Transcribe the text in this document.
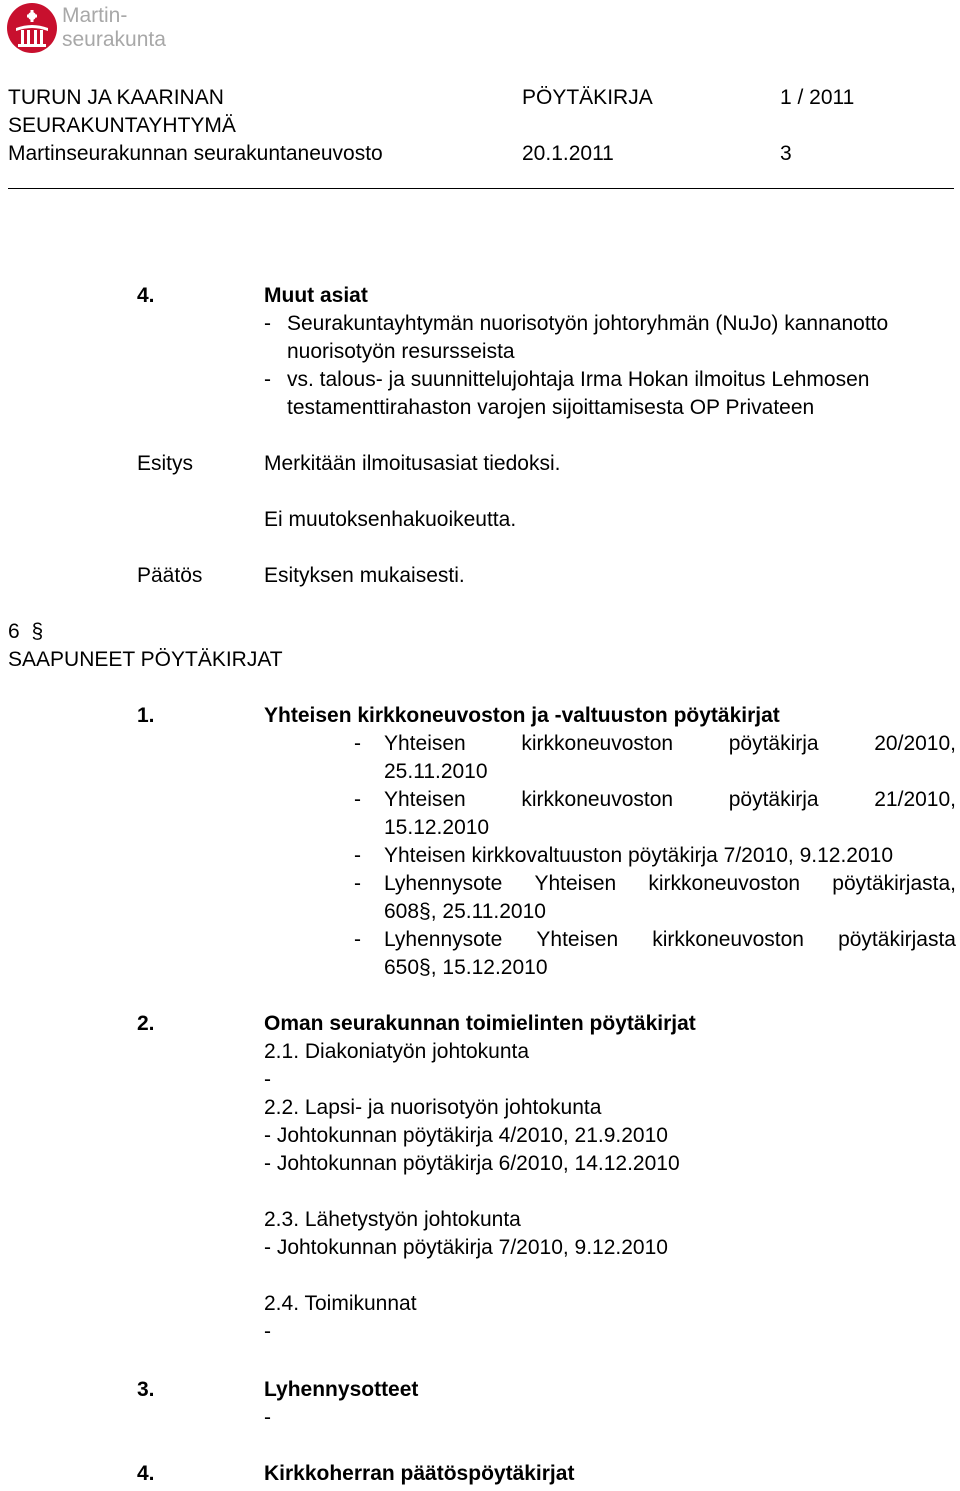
Martin-
seurakunta
TURUN JA KAARINAN	PÖYTÄKIRJA	1 / 2011
SEURAKUNTAYHTYMÄ
Martinseurakunnan seurakuntaneuvosto	20.1.2011	3
4.	Muut asiat
- Seurakuntayhtymän nuorisotyön johtoryhmän (NuJo) kannanotto
nuorisotyön resursseista
- vs. talous- ja suunnittelujohtaja Irma Hokan ilmoitus Lehmosen
testamenttirahaston varojen sijoittamisesta OP Privateen
Esitys	Merkitään ilmoitusasiat tiedoksi.
Ei muutoksenhakuoikeutta.
Päätös	Esityksen mukaisesti.
6 §
SAAPUNEET PÖYTÄKIRJAT
1.	Yhteisen kirkkoneuvoston ja -valtuuston pöytäkirjat
- Yhteisen	kirkkoneuvoston	pöytäkirja	20/2010,
25.11.2010
- Yhteisen	kirkkoneuvoston	pöytäkirja	21/2010,
15.12.2010
- Yhteisen kirkkovaltuuston pöytäkirja 7/2010, 9.12.2010
- Lyhennysote Yhteisen kirkkoneuvoston pöytäkirjasta,
608§, 25.11.2010
- Lyhennysote Yhteisen kirkkoneuvoston pöytäkirjasta
650§, 15.12.2010
2.	Oman seurakunnan toimielinten pöytäkirjat
2.1. Diakoniatyön johtokunta
-
2.2. Lapsi- ja nuorisotyön johtokunta
- Johtokunnan pöytäkirja 4/2010, 21.9.2010
- Johtokunnan pöytäkirja 6/2010, 14.12.2010
2.3. Lähetystyön johtokunta
- Johtokunnan pöytäkirja 7/2010, 9.12.2010
2.4. Toimikunnat
-
3.	Lyhennysotteet
-
4.	Kirkkoherran päätöspöytäkirjat
